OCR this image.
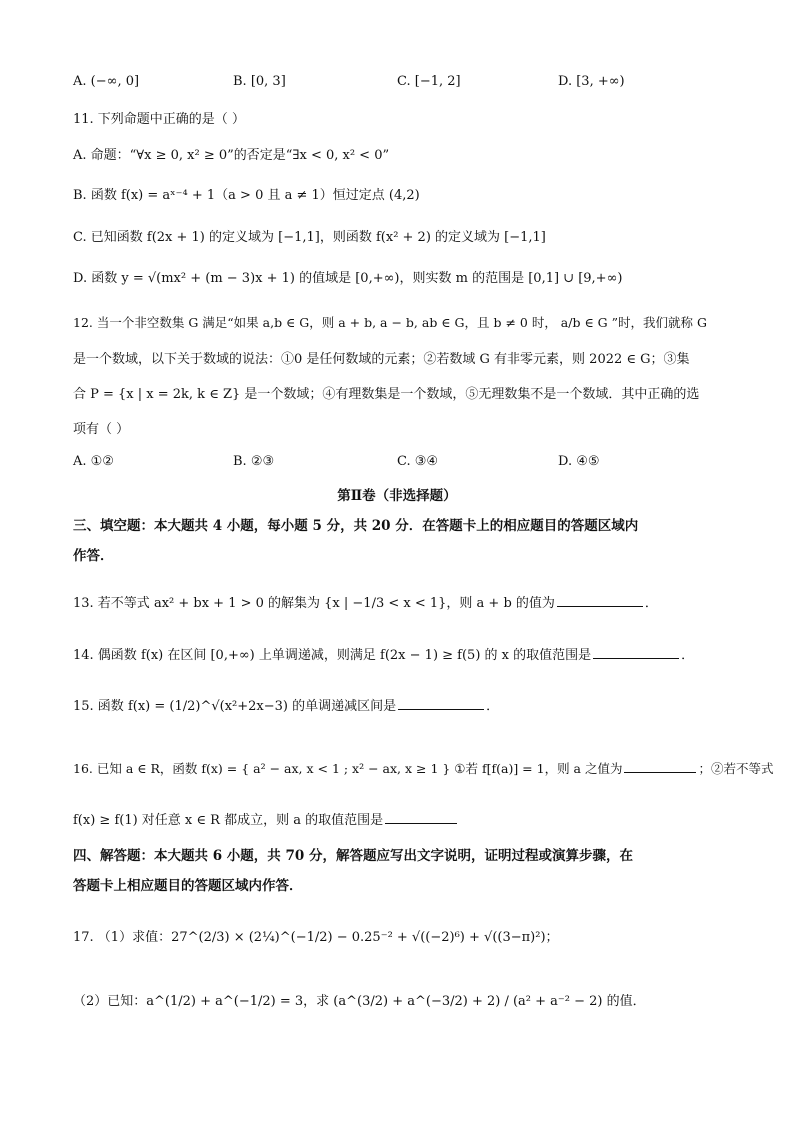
A. (−∞, 0]	B. [0, 3]	C. [−1, 2]	D. [3, +∞)
11. 下列命题中正确的是（ ）
A. 命题：“∀x ≥ 0, x² ≥ 0”的否定是“∃x < 0, x² < 0”
B. 函数 f(x) = aˣ⁻⁴ + 1（a > 0 且 a ≠ 1）恒过定点 (4,2)
C. 已知函数 f(2x + 1) 的定义域为 [−1,1]，则函数 f(x² + 2) 的定义域为 [−1,1]
D. 函数 y = √(mx² + (m − 3)x + 1) 的值域是 [0,+∞)，则实数 m 的范围是 [0,1] ∪ [9,+∞)
12. 当一个非空数集 G 满足“如果 a,b ∈ G，则 a + b, a − b, ab ∈ G，且 b ≠ 0 时， a/b ∈ G ”时，我们就称 G
是一个数域，以下关于数域的说法：①0 是任何数域的元素；②若数域 G 有非零元素，则 2022 ∈ G；③集
合 P = {x | x = 2k, k ∈ Z} 是一个数域；④有理数集是一个数域，⑤无理数集不是一个数域．其中正确的选
项有（ ）
A. ①②	B. ②③	C. ③④	D. ④⑤
第Ⅱ卷（非选择题）
三、填空题：本大题共 4 小题，每小题 5 分，共 20 分．在答题卡上的相应题目的答题区域内
作答．
13. 若不等式 ax² + bx + 1 > 0 的解集为 {x | −1/3 < x < 1}，则 a + b 的值为	．
14. 偶函数 f(x) 在区间 [0,+∞) 上单调递减，则满足 f(2x − 1) ≥ f(5) 的 x 的取值范围是	．
15. 函数 f(x) = (1/2)^√(x²+2x−3) 的单调递减区间是	．
16. 已知 a ∈ R，函数 f(x) = { a² − ax, x < 1 ; x² − ax, x ≥ 1 } ①若 f[f(a)] = 1，则 a 之值为	；②若不等式
f(x) ≥ f(1) 对任意 x ∈ R 都成立，则 a 的取值范围是
四、解答题：本大题共 6 小题，共 70 分，解答题应写出文字说明，证明过程或演算步骤，在
答题卡上相应题目的答题区域内作答．
17. （1）求值：27^(2/3) × (2¼)^(−1/2) − 0.25⁻² + √((−2)⁶) + √((3−π)²)；
（2）已知：a^(1/2) + a^(−1/2) = 3，求 (a^(3/2) + a^(−3/2) + 2) / (a² + a⁻² − 2) 的值．
